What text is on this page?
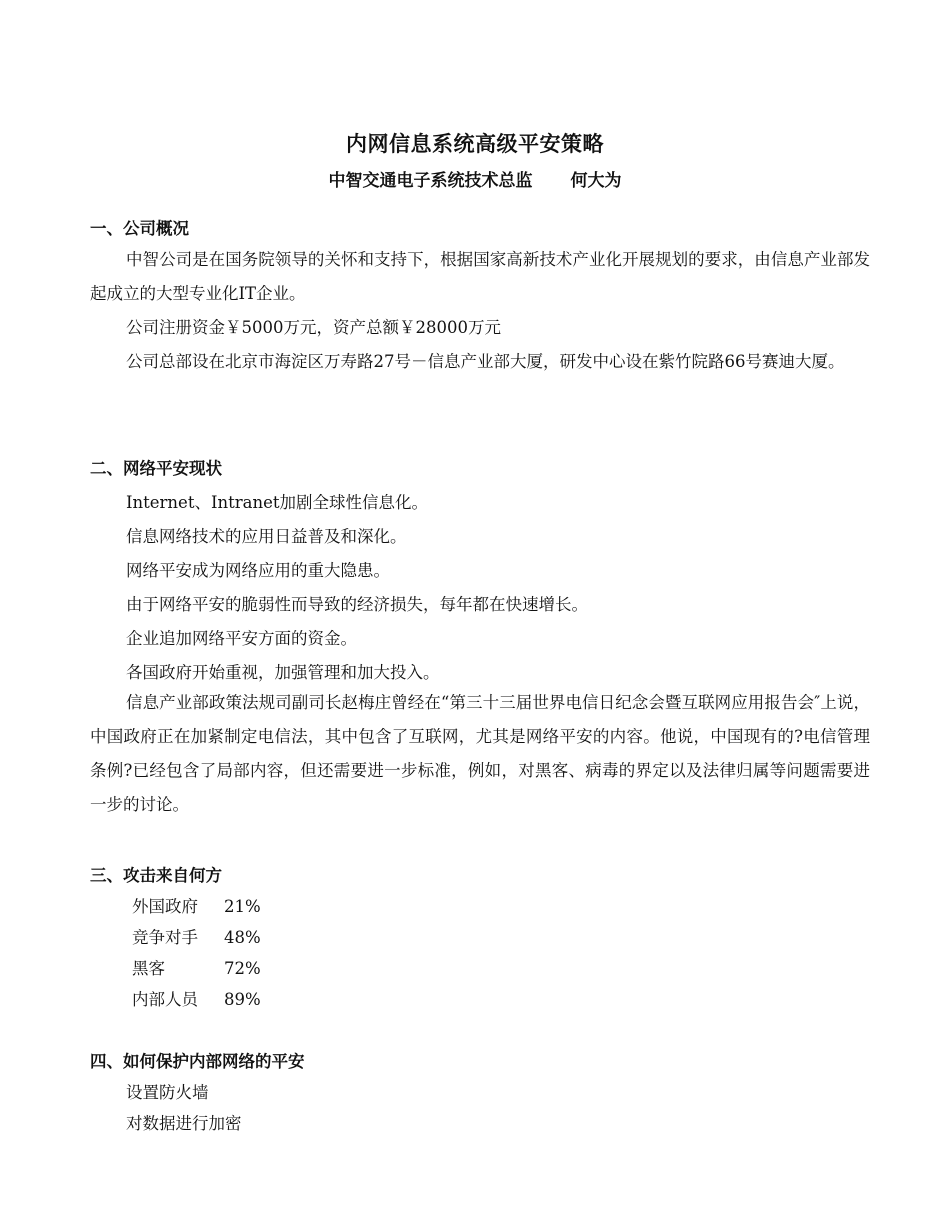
内网信息系统高级平安策略
中智交通电子系统技术总监 何大为
一、公司概况
中智公司是在国务院领导的关怀和支持下，根据国家高新技术产业化开展规划的要求，由信息产业部发起成立的大型专业化IT企业。
公司注册资金￥5000万元，资产总额￥28000万元
公司总部设在北京市海淀区万寿路27号－信息产业部大厦，研发中心设在紫竹院路66号赛迪大厦。
二、网络平安现状
Internet、Intranet加剧全球性信息化。
信息网络技术的应用日益普及和深化。
网络平安成为网络应用的重大隐患。
由于网络平安的脆弱性而导致的经济损失，每年都在快速增长。
企业追加网络平安方面的资金。
各国政府开始重视，加强管理和加大投入。
信息产业部政策法规司副司长赵梅庄曾经在“第三十三届世界电信日纪念会暨互联网应用报告会″上说，中国政府正在加紧制定电信法，其中包含了互联网，尤其是网络平安的内容。他说，中国现有的?电信管理条例?已经包含了局部内容，但还需要进一步标准，例如，对黑客、病毒的界定以及法律归属等问题需要进一步的讨论。
三、攻击来自何方
外国政府 21%
竞争对手 48%
黑客	72%
内部人员 89%
四、如何保护内部网络的平安
设置防火墙
对数据进行加密
